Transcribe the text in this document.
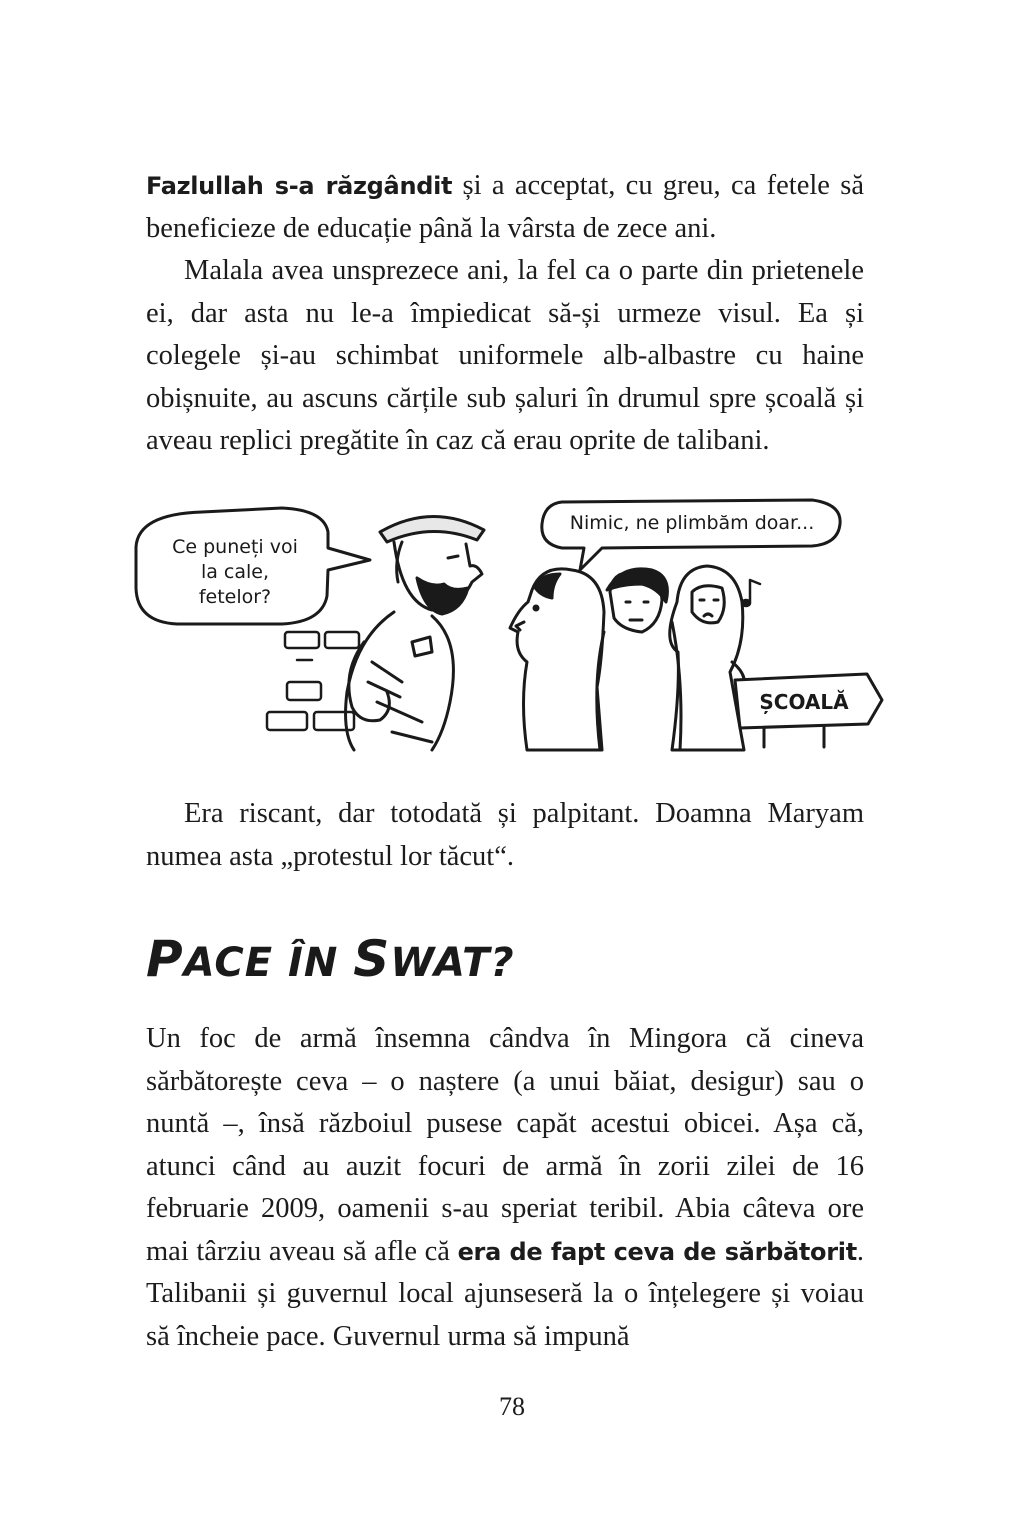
Fazlullah s-a răzgândit și a acceptat, cu greu, ca fetele să beneficieze de educație până la vârsta de zece ani.

Malala avea unsprezece ani, la fel ca o parte din prietenele ei, dar asta nu le-a împiedicat să-și urmeze visul. Ea și colegele și-au schimbat uniformele alb-albastre cu haine obișnuite, au ascuns cărțile sub șaluri în drumul spre școală și aveau replici pregătite în caz că erau oprite de talibani.

ȘCOALĂ
Ce puneți voi
la cale,
fetelor?
Nimic, ne plimbăm doar...

Era riscant, dar totodată și palpitant. Doamna Maryam numea asta „protestul lor tăcut“.

PACE ÎN SWAT?

Un foc de armă însemna cândva în Mingora că cineva sărbătorește ceva – o naștere (a unui băiat, desigur) sau o nuntă –, însă războiul pusese capăt acestui obicei. Așa că, atunci când au auzit focuri de armă în zorii zilei de 16 februarie 2009, oamenii s-au speriat teribil. Abia câteva ore mai târziu aveau să afle că era de fapt ceva de sărbătorit. Talibanii și guvernul local ajunseseră la o înțelegere și voiau să încheie pace. Guvernul urma să impună

78
